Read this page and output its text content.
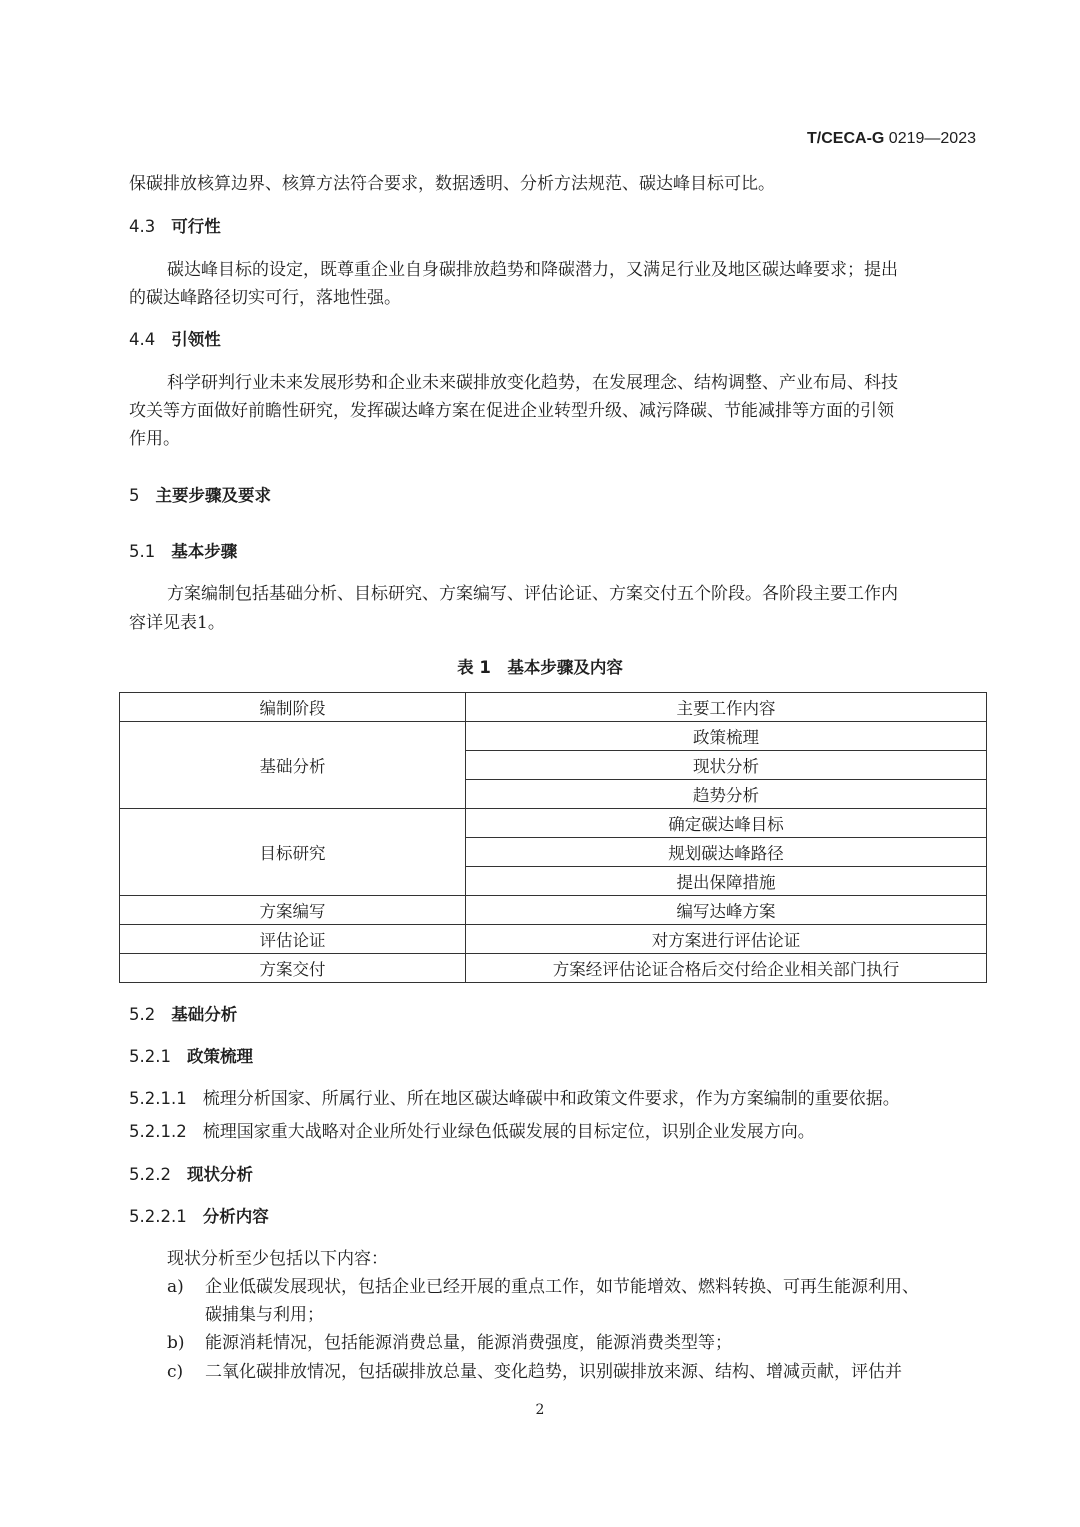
T/CECA-G 0219—2023
保碳排放核算边界、核算方法符合要求，数据透明、分析方法规范、碳达峰目标可比。
4.3 可行性
碳达峰目标的设定，既尊重企业自身碳排放趋势和降碳潜力，又满足行业及地区碳达峰要求；提出
的碳达峰路径切实可行，落地性强。
4.4 引领性
科学研判行业未来发展形势和企业未来碳排放变化趋势，在发展理念、结构调整、产业布局、科技
攻关等方面做好前瞻性研究，发挥碳达峰方案在促进企业转型升级、减污降碳、节能减排等方面的引领
作用。
5 主要步骤及要求
5.1 基本步骤
方案编制包括基础分析、目标研究、方案编写、评估论证、方案交付五个阶段。各阶段主要工作内
容详见表1。
表 1　基本步骤及内容
编制阶段	主要工作内容
基础分析	政策梳理
	现状分析
	趋势分析
目标研究	确定碳达峰目标
	规划碳达峰路径
	提出保障措施
方案编写	编写达峰方案
评估论证	对方案进行评估论证
方案交付	方案经评估论证合格后交付给企业相关部门执行
5.2 基础分析
5.2.1 政策梳理
5.2.1.1 梳理分析国家、所属行业、所在地区碳达峰碳中和政策文件要求，作为方案编制的重要依据。
5.2.1.2 梳理国家重大战略对企业所处行业绿色低碳发展的目标定位，识别企业发展方向。
5.2.2 现状分析
5.2.2.1 分析内容
现状分析至少包括以下内容：
a) 企业低碳发展现状，包括企业已经开展的重点工作，如节能增效、燃料转换、可再生能源利用、
碳捕集与利用；
b) 能源消耗情况，包括能源消费总量，能源消费强度，能源消费类型等；
c) 二氧化碳排放情况，包括碳排放总量、变化趋势，识别碳排放来源、结构、增减贡献，评估并
2
